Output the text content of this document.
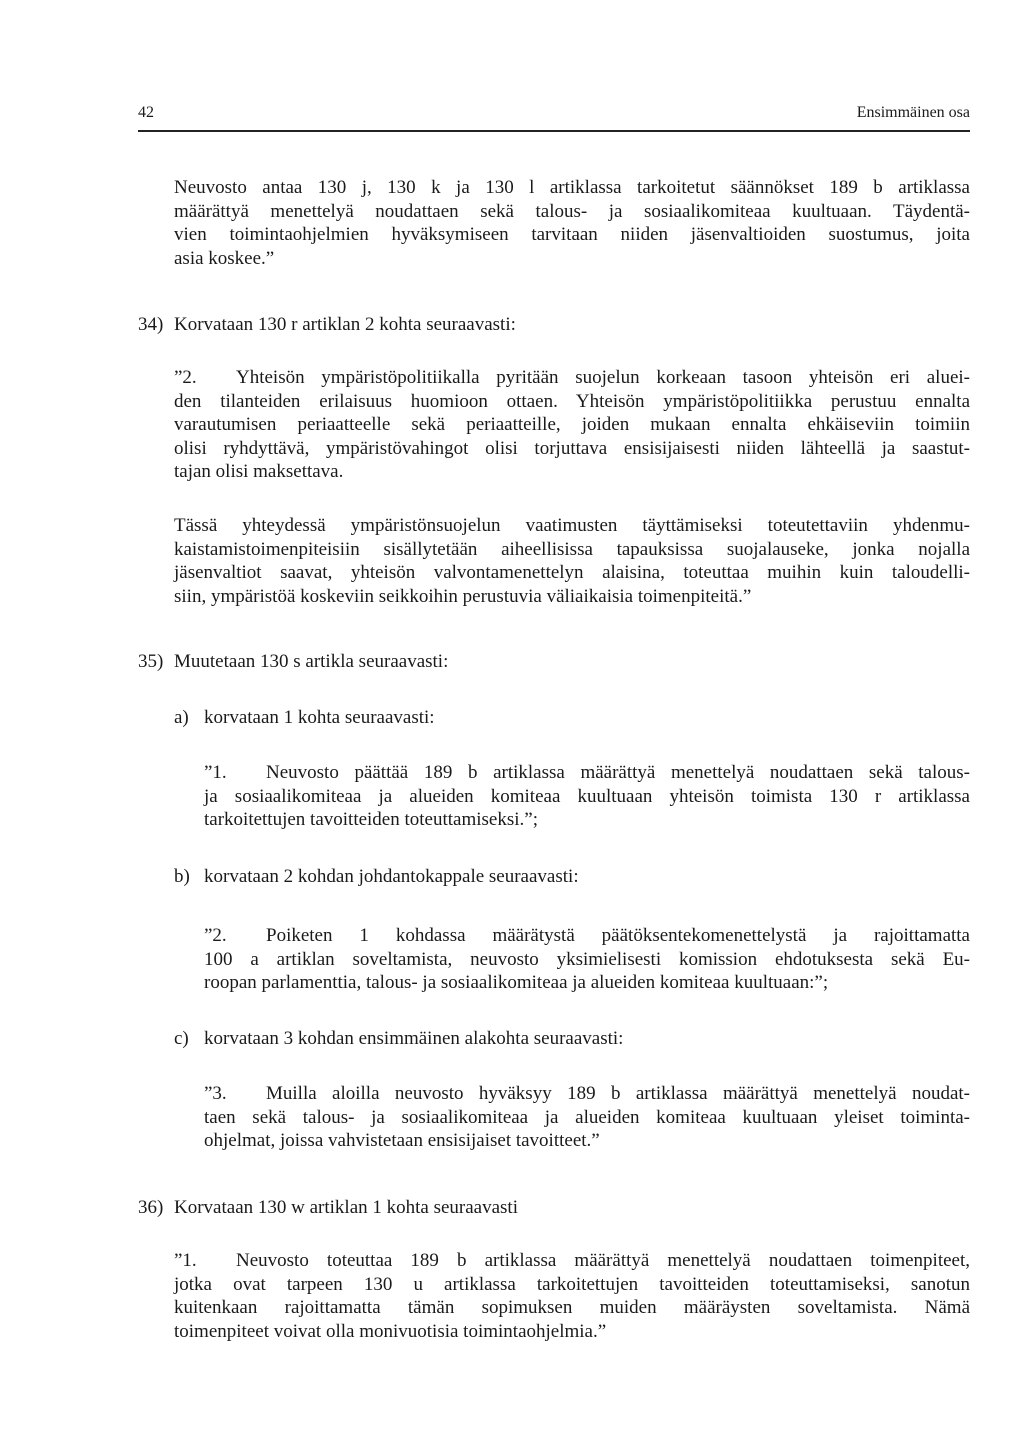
42	Ensimmäinen osa
Neuvosto antaa 130 j, 130 k ja 130 l artiklassa tarkoitetut säännökset 189 b artiklassa
määrättyä menettelyä noudattaen sekä talous- ja sosiaalikomiteaa kuultuaan. Täydentä-
vien toimintaohjelmien hyväksymiseen tarvitaan niiden jäsenvaltioiden suostumus, joita
asia koskee.”
34) Korvataan 130 r artiklan 2 kohta seuraavasti:
”2. Yhteisön ympäristöpolitiikalla pyritään suojelun korkeaan tasoon yhteisön eri aluei-
den tilanteiden erilaisuus huomioon ottaen. Yhteisön ympäristöpolitiikka perustuu ennalta
varautumisen periaatteelle sekä periaatteille, joiden mukaan ennalta ehkäiseviin toimiin
olisi ryhdyttävä, ympäristövahingot olisi torjuttava ensisijaisesti niiden lähteellä ja saastut-
tajan olisi maksettava.
Tässä yhteydessä ympäristönsuojelun vaatimusten täyttämiseksi toteutettaviin yhdenmu-
kaistamistoimenpiteisiin sisällytetään aiheellisissa tapauksissa suojalauseke, jonka nojalla
jäsenvaltiot saavat, yhteisön valvontamenettelyn alaisina, toteuttaa muihin kuin taloudelli-
siin, ympäristöä koskeviin seikkoihin perustuvia väliaikaisia toimenpiteitä.”
35) Muutetaan 130 s artikla seuraavasti:
a) korvataan 1 kohta seuraavasti:
”1. Neuvosto päättää 189 b artiklassa määrättyä menettelyä noudattaen sekä talous-
ja sosiaalikomiteaa ja alueiden komiteaa kuultuaan yhteisön toimista 130 r artiklassa
tarkoitettujen tavoitteiden toteuttamiseksi.”;
b) korvataan 2 kohdan johdantokappale seuraavasti:
”2. Poiketen 1 kohdassa määrätystä päätöksentekomenettelystä ja rajoittamatta
100 a artiklan soveltamista, neuvosto yksimielisesti komission ehdotuksesta sekä Eu-
roopan parlamenttia, talous- ja sosiaalikomiteaa ja alueiden komiteaa kuultuaan:”;
c) korvataan 3 kohdan ensimmäinen alakohta seuraavasti:
”3. Muilla aloilla neuvosto hyväksyy 189 b artiklassa määrättyä menettelyä noudat-
taen sekä talous- ja sosiaalikomiteaa ja alueiden komiteaa kuultuaan yleiset toiminta-
ohjelmat, joissa vahvistetaan ensisijaiset tavoitteet.”
36) Korvataan 130 w artiklan 1 kohta seuraavasti
”1. Neuvosto toteuttaa 189 b artiklassa määrättyä menettelyä noudattaen toimenpiteet,
jotka ovat tarpeen 130 u artiklassa tarkoitettujen tavoitteiden toteuttamiseksi, sanotun
kuitenkaan rajoittamatta tämän sopimuksen muiden määräysten soveltamista. Nämä
toimenpiteet voivat olla monivuotisia toimintaohjelmia.”
